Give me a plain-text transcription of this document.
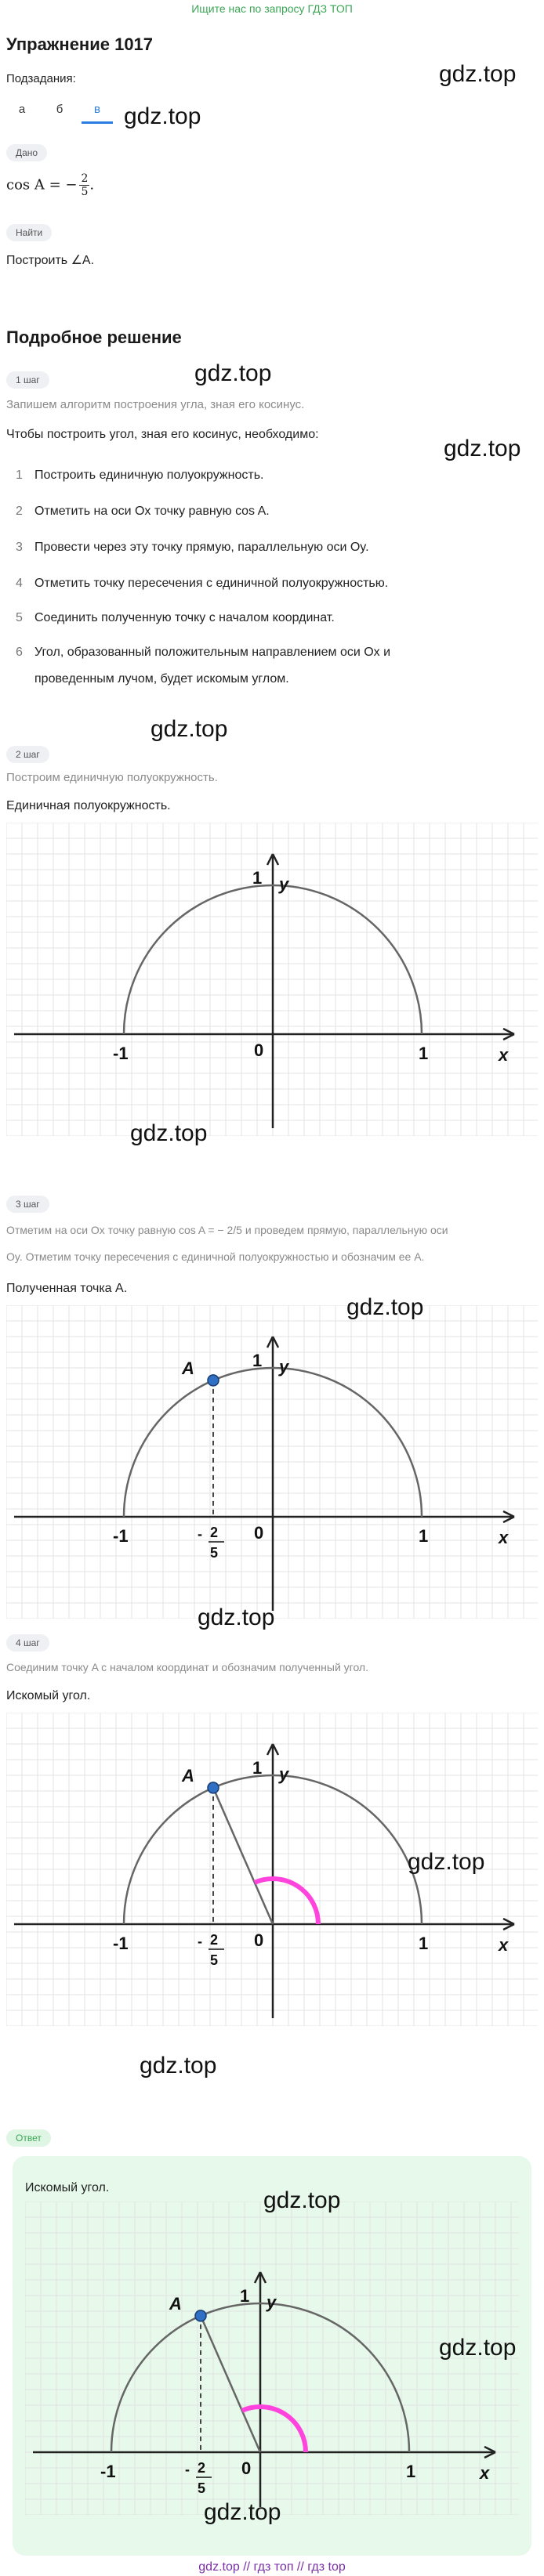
Ищите нас по запросу ГДЗ ТОП
Упражнение 1017
Подзадания:
а	б	в
gdz.top
gdz.top
Дано
cos A = − $\frac{2}{5}$ .
Найти
Построить ∠A.
Подробное решение
gdz.top
1 шаг
Запишем алгоритм построения угла, зная его косинус.
Чтобы построить угол, зная его косинус, необходимо:
gdz.top
1 Построить единичную полуокружность.
2 Отметить на оси Ox точку равную cos A.
3 Провести через эту точку прямую, параллельную оси Oy.
4 Отметить точку пересечения с единичной полуокружностью.
5 Соединить полученную точку с началом координат.
6 Угол, образованный положительным направлением оси Ox и
проведенным лучом, будет искомым углом.
gdz.top
2 шаг
Построим единичную полуокружность.
Единичная полуокружность.
-1	0	1
1
x
y
gdz.top
3 шаг
Отметим на оси Ox точку равную cos A = − 2/5 и проведем прямую, параллельную оси
Oy. Отметим точку пересечения с единичной полуокружностью и обозначим ее A.
Полученная точка A.
-1	0	1
1
x
y
A
- 2
5
gdz.top
gdz.top
4 шаг
Соединим точку A с началом координат и обозначим полученный угол.
Искомый угол.
-1	0	1
1
x
y
A
- 2
5
gdz.top
gdz.top
Ответ
Искомый угол.
-1	0	1
1
x
y
A
- 2
5
gdz.top
gdz.top
gdz.top
gdz.top // гдз топ // гдз top
